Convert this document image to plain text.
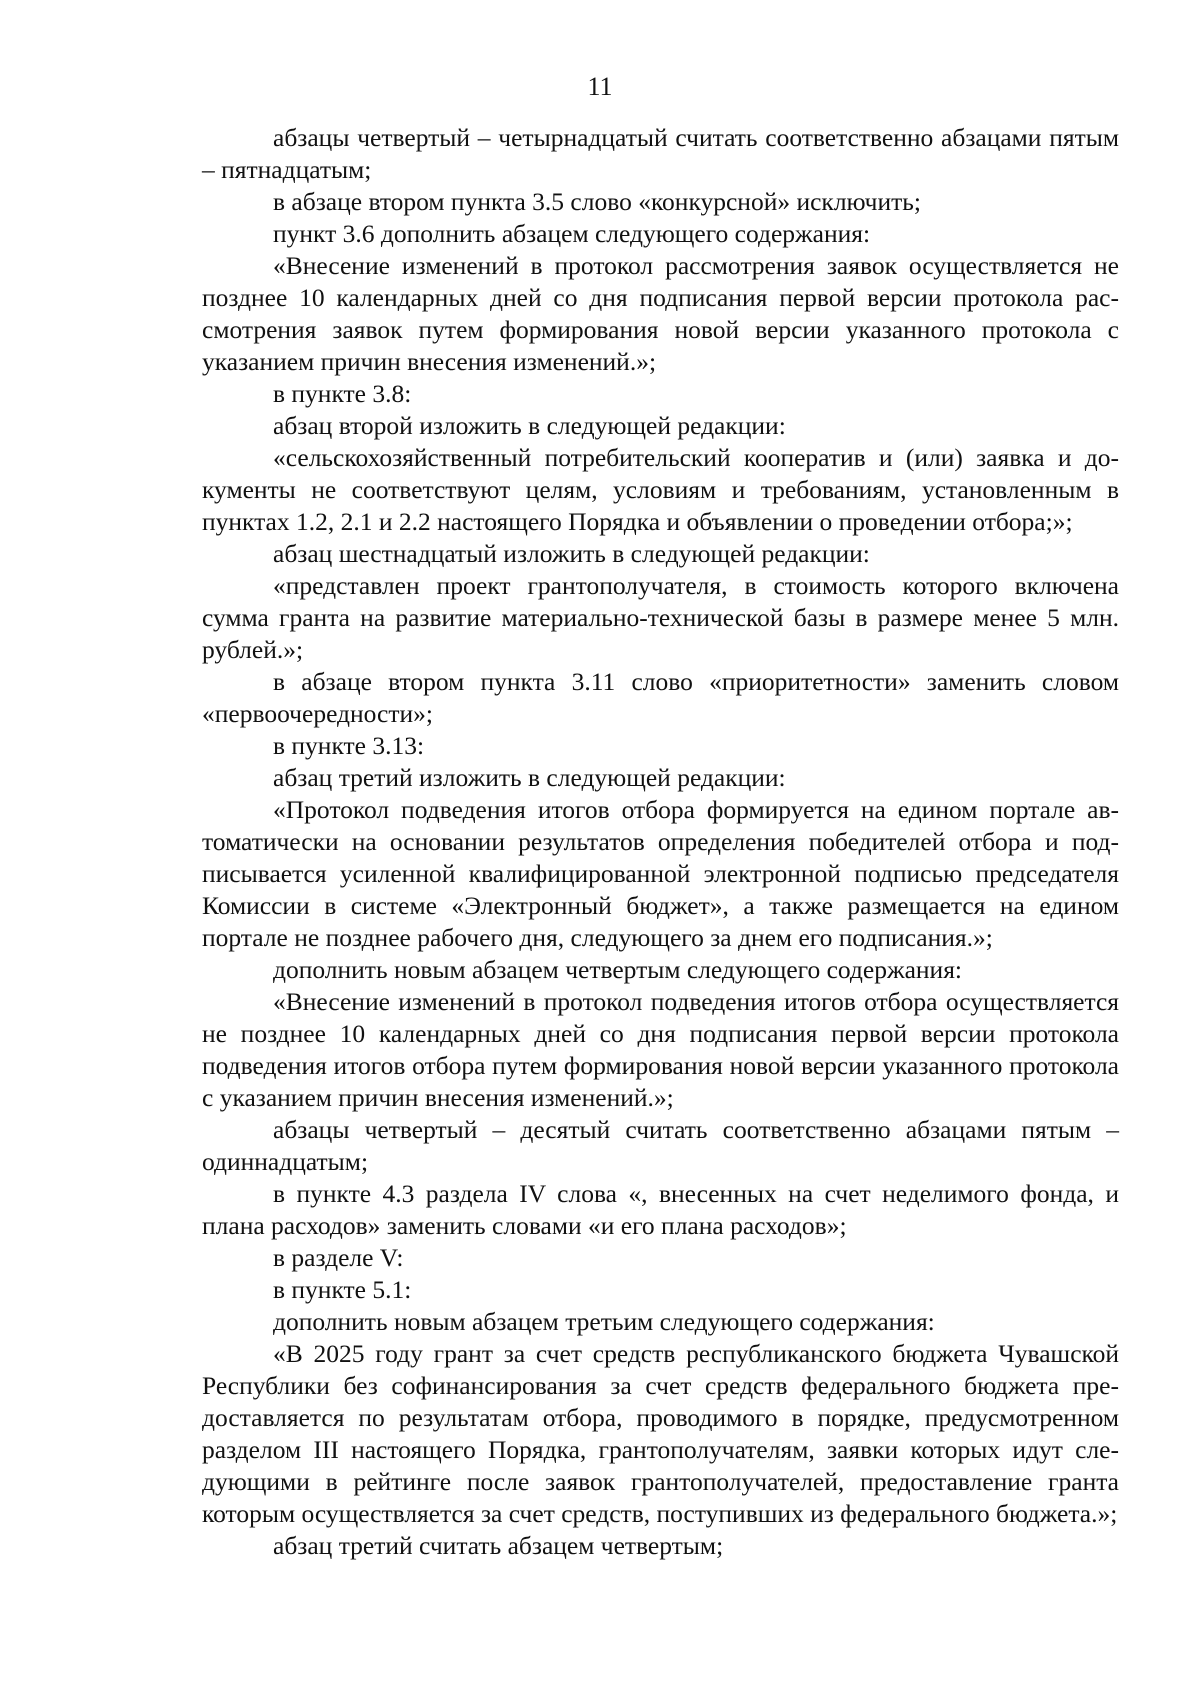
11

абзацы четвертый – четырнадцатый считать соответственно абзацами пятым – пятнадцатым;

в абзаце втором пункта 3.5 слово «конкурсной» исключить;

пункт 3.6 дополнить абзацем следующего содержания:

«Внесение изменений в протокол рассмотрения заявок осуществляется не позднее 10 календарных дней со дня подписания первой версии протокола рассмотрения заявок путем формирования новой версии указанного протокола с указанием причин внесения изменений.»;

в пункте 3.8:

абзац второй изложить в следующей редакции:

«сельскохозяйственный потребительский кооператив и (или) заявка и документы не соответствуют целям, условиям и требованиям, установленным в пунктах 1.2, 2.1 и 2.2 настоящего Порядка и объявлении о проведении отбора;»;

абзац шестнадцатый изложить в следующей редакции:

«представлен проект грантополучателя, в стоимость которого включена сумма гранта на развитие материально-технической базы в размере менее 5 млн. рублей.»;

в абзаце втором пункта 3.11 слово «приоритетности» заменить словом «первоочередности»;

в пункте 3.13:

абзац третий изложить в следующей редакции:

«Протокол подведения итогов отбора формируется на едином портале автоматически на основании результатов определения победителей отбора и подписывается усиленной квалифицированной электронной подписью председателя Комиссии в системе «Электронный бюджет», а также размещается на едином портале не позднее рабочего дня, следующего за днем его подписания.»;

дополнить новым абзацем четвертым следующего содержания:

«Внесение изменений в протокол подведения итогов отбора осуществляется не позднее 10 календарных дней со дня подписания первой версии протокола подведения итогов отбора путем формирования новой версии указанного протокола с указанием причин внесения изменений.»;

абзацы четвертый – десятый считать соответственно абзацами пятым – одиннадцатым;

в пункте 4.3 раздела IV слова «, внесенных на счет неделимого фонда, и плана расходов» заменить словами «и его плана расходов»;

в разделе V:

в пункте 5.1:

дополнить новым абзацем третьим следующего содержания:

«В 2025 году грант за счет средств республиканского бюджета Чувашской Республики без софинансирования за счет средств федерального бюджета предоставляется по результатам отбора, проводимого в порядке, предусмотренном разделом III настоящего Порядка, грантополучателям, заявки которых идут следующими в рейтинге после заявок грантополучателей, предоставление гранта которым осуществляется за счет средств, поступивших из федерального бюджета.»;

абзац третий считать абзацем четвертым;
